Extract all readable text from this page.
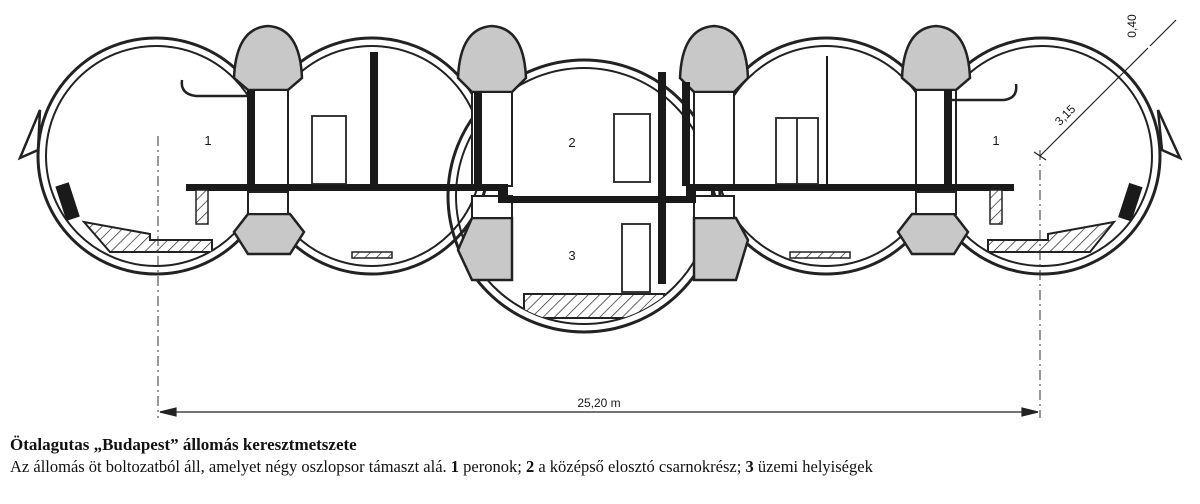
25,20 m
3,15
0,40
1	2
3
1
Ötalagutas „Budapest” állomás keresztmetszete
Az állomás öt boltozatból áll, amelyet négy oszlopsor támaszt alá. 1 peronok; 2 a középső elosztó csarnokrész; 3 üzemi helyiségek
